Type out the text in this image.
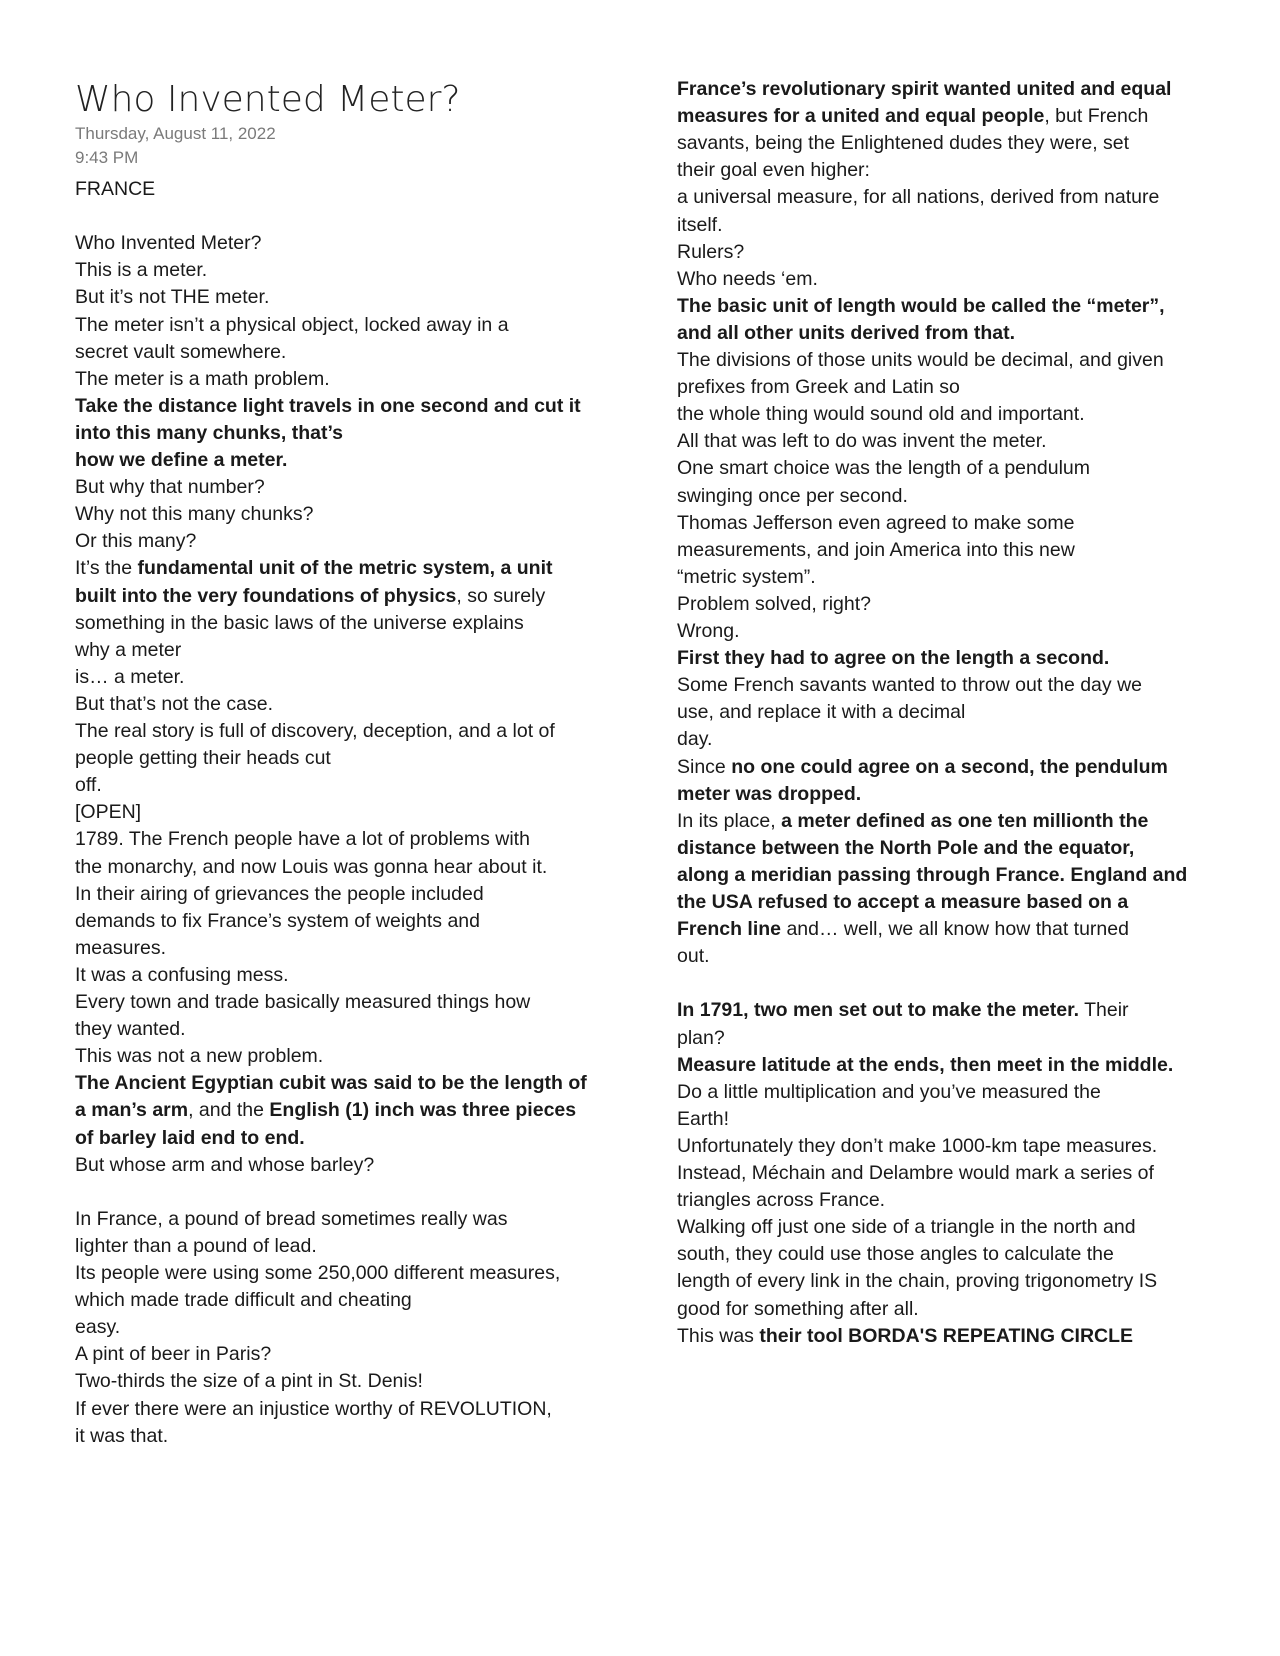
Who Invented Meter?
Thursday, August 11, 2022
9:43 PM
FRANCE
Who Invented Meter?
This is a meter.
But it’s not THE meter.
The meter isn’t a physical object, locked away in a
secret vault somewhere.
The meter is a math problem.
Take the distance light travels in one second and cut it
into this many chunks, that’s
how we define a meter.
But why that number?
Why not this many chunks?
Or this many?
It’s the fundamental unit of the metric system, a unit
built into the very foundations of physics, so surely
something in the basic laws of the universe explains
why a meter
is… a meter.
But that’s not the case.
The real story is full of discovery, deception, and a lot of
people getting their heads cut
off.
[OPEN]
1789. The French people have a lot of problems with
the monarchy, and now Louis was gonna hear about it.
In their airing of grievances the people included
demands to fix France’s system of weights and
measures.
It was a confusing mess.
Every town and trade basically measured things how
they wanted.
This was not a new problem.
The Ancient Egyptian cubit was said to be the length of
a man’s arm, and the English (1) inch was three pieces
of barley laid end to end.
But whose arm and whose barley?
In France, a pound of bread sometimes really was
lighter than a pound of lead.
Its people were using some 250,000 different measures,
which made trade difficult and cheating
easy.
A pint of beer in Paris?
Two-thirds the size of a pint in St. Denis!
If ever there were an injustice worthy of REVOLUTION,
it was that.
France’s revolutionary spirit wanted united and equal
measures for a united and equal people, but French
savants, being the Enlightened dudes they were, set
their goal even higher:
a universal measure, for all nations, derived from nature
itself.
Rulers?
Who needs ‘em.
The basic unit of length would be called the “meter”,
and all other units derived from that.
The divisions of those units would be decimal, and given
prefixes from Greek and Latin so
the whole thing would sound old and important.
All that was left to do was invent the meter.
One smart choice was the length of a pendulum
swinging once per second.
Thomas Jefferson even agreed to make some
measurements, and join America into this new
“metric system”.
Problem solved, right?
Wrong.
First they had to agree on the length a second.
Some French savants wanted to throw out the day we
use, and replace it with a decimal
day.
Since no one could agree on a second, the pendulum
meter was dropped.
In its place, a meter defined as one ten millionth the
distance between the North Pole and the equator,
along a meridian passing through France. England and
the USA refused to accept a measure based on a
French line and… well, we all know how that turned
out.
In 1791, two men set out to make the meter. Their
plan?
Measure latitude at the ends, then meet in the middle.
Do a little multiplication and you’ve measured the
Earth!
Unfortunately they don’t make 1000-km tape measures.
Instead, Méchain and Delambre would mark a series of
triangles across France.
Walking off just one side of a triangle in the north and
south, they could use those angles to calculate the
length of every link in the chain, proving trigonometry IS
good for something after all.
This was their tool BORDA'S REPEATING CIRCLE
